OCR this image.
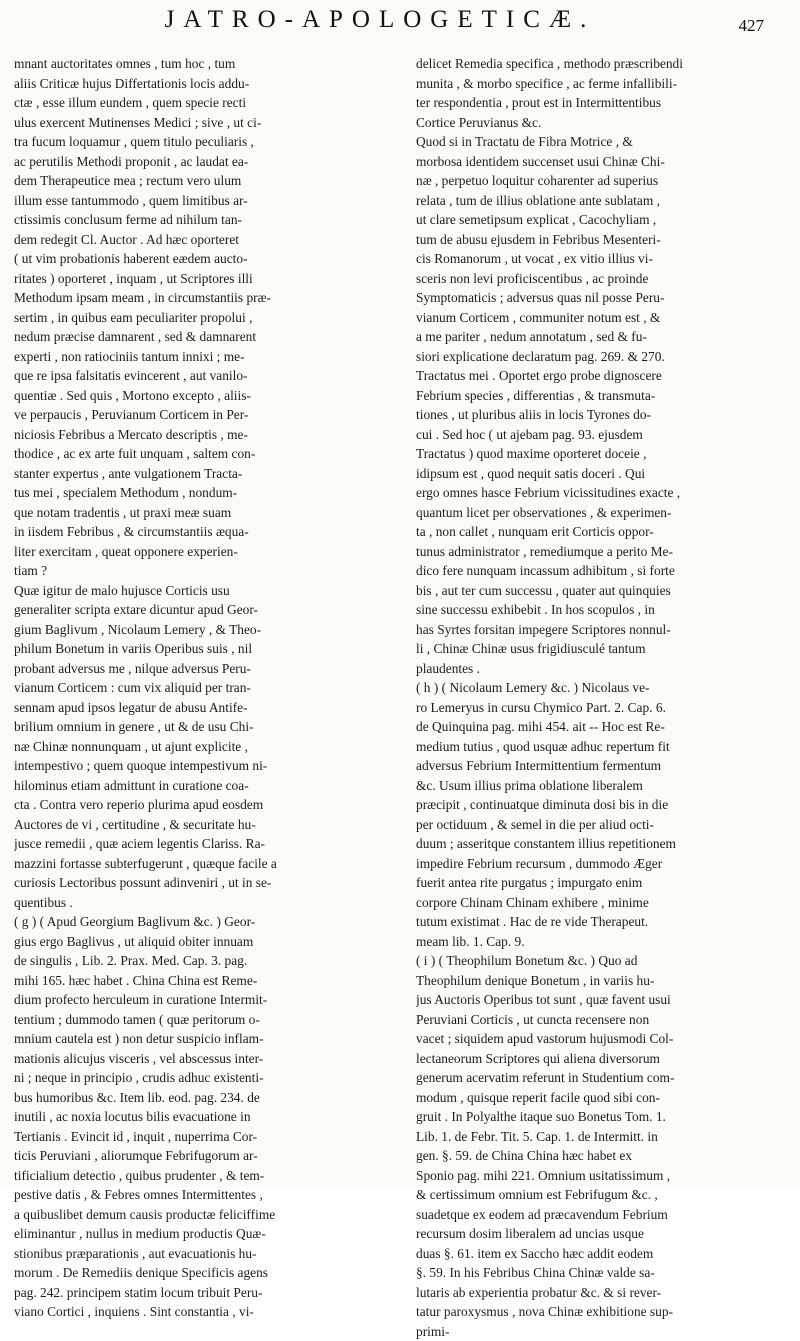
JATRO-APOLOGETICÆ.	427

mnant auctoritates omnes , tum hoc , tum

aliis Criticæ hujus Differtationis locis addu-

ctæ , esse illum eundem , quem specie recti

ulus exercent Mutinenses Medici ; sive , ut ci-

tra fucum loquamur , quem titulo peculiaris ,

ac perutilis Methodi proponit , ac laudat ea-

dem Therapeutice mea ; rectum vero ulum

illum esse tantummodo , quem limitibus ar-

ctissimis conclusum ferme ad nihilum tan-

dem redegit Cl. Auctor . Ad hæc oporteret

( ut vim probationis haberent eædem aucto-

ritates ) oporteret , inquam , ut Scriptores illi

Methodum ipsam meam , in circumstantiis præ-

sertim , in quibus eam peculiariter propolui ,

nedum præcise damnarent , sed & damnarent

experti , non ratiociniis tantum innixi ; me-

que re ipsa falsitatis evincerent , aut vanilo-

quentiæ . Sed quis , Mortono excepto , aliis-

ve perpaucis , Peruvianum Corticem in Per-

niciosis Febribus a Mercato descriptis , me-

thodice , ac ex arte fuit unquam , saltem con-

stanter expertus , ante vulgationem Tracta-

tus mei , specialem Methodum , nondum-

que notam tradentis , ut praxi meæ suam

in iisdem Febribus , & circumstantiis æqua-

liter exercitam , queat opponere experien-

tiam ?

Quæ igitur de malo hujusce Corticis usu

generaliter scripta extare dicuntur apud Geor-

gium Baglivum , Nicolaum Lemery , & Theo-

philum Bonetum in variis Operibus suis , nil

probant adversus me , nilque adversus Peru-

vianum Corticem : cum vix aliquid per tran-

sennam apud ipsos legatur de abusu Antife-

brilium omnium in genere , ut & de usu Chi-

næ Chinæ nonnunquam , ut ajunt explicite ,

intempestivo ; quem quoque intempestivum ni-

hilominus etiam admittunt in curatione coa-

cta . Contra vero reperio plurima apud eosdem

Auctores de vi , certitudine , & securitate hu-

jusce remedii , quæ aciem legentis Clariss. Ra-

mazzini fortasse subterfugerunt , quæque facile a

curiosis Lectoribus possunt adinveniri , ut in se-

quentibus .

( g ) ( Apud Georgium Baglivum &c. ) Geor-

gius ergo Baglivus , ut aliquid obiter innuam

de singulis , Lib. 2. Prax. Med. Cap. 3. pag.

mihi 165. hæc habet . China China est Reme-

dium profecto herculeum in curatione Intermit-

tentium ; dummodo tamen ( quæ peritorum o-

mnium cautela est ) non detur suspicio inflam-

mationis alicujus visceris , vel abscessus inter-

ni ; neque in principio , crudis adhuc existenti-

bus humoribus &c. Item lib. eod. pag. 234. de

inutili , ac noxia locutus bilis evacuatione in

Tertianis . Evincit id , inquit , nuperrima Cor-

ticis Peruviani , aliorumque Febrifugorum ar-

tificialium detectio , quibus prudenter , & tem-

pestive datis , & Febres omnes Intermittentes ,

a quibuslibet demum causis productæ feliciffime

eliminantur , nullus in medium productis Quæ-

stionibus præparationis , aut evacuationis hu-

morum . De Remediis denique Specificis agens

pag. 242. principem statim locum tribuit Peru-

viano Cortici , inquiens . Sint constantia , vi-

delicet Remedia specifica , methodo præscribendi

munita , & morbo specifice , ac ferme infallibili-

ter respondentia , prout est in Intermittentibus

Cortice Peruvianus &c.

Quod si in Tractatu de Fibra Motrice , &

morbosa identidem succenset usui Chinæ Chi-

næ , perpetuo loquitur coharenter ad superius

relata , tum de illius oblatione ante sublatam ,

ut clare semetipsum explicat , Cacochyliam ,

tum de abusu ejusdem in Febribus Mesenteri-

cis Romanorum , ut vocat , ex vitio illius vi-

sceris non levi proficiscentibus , ac proinde

Symptomaticis ; adversus quas nil posse Peru-

vianum Corticem , communiter notum est , &

a me pariter , nedum annotatum , sed & fu-

siori explicatione declaratum pag. 269. & 270.

Tractatus mei . Oportet ergo probe dignoscere

Febrium species , differentias , & transmuta-

tiones , ut pluribus aliis in locis Tyrones do-

cui . Sed hoc ( ut ajebam pag. 93. ejusdem

Tractatus ) quod maxime oporteret doceie ,

idipsum est , quod nequit satis doceri . Qui

ergo omnes hasce Febrium vicissitudines exacte ,

quantum licet per observationes , & experimen-

ta , non callet , nunquam erit Corticis oppor-

tunus administrator , remediumque a perito Me-

dico fere nunquam incassum adhibitum , si forte

bis , aut ter cum successu , quater aut quinquies

sine successu exhibebit . In hos scopulos , in

has Syrtes forsitan impegere Scriptores nonnul-

li , Chinæ Chinæ usus frigidiusculé tantum

plaudentes .

( h ) ( Nicolaum Lemery &c. ) Nicolaus ve-

ro Lemeryus in cursu Chymico Part. 2. Cap. 6.

de Quinquina pag. mihi 454. ait -- Hoc est Re-

medium tutius , quod usquæ adhuc repertum fit

adversus Febrium Intermittentium fermentum

&c. Usum illius prima oblatione liberalem

præcipit , continuatque diminuta dosi bis in die

per octiduum , & semel in die per aliud octi-

duum ; asseritque constantem illius repetitionem

impedire Febrium recursum , dummodo Æger

fuerit antea rite purgatus ; impurgato enim

corpore Chinam Chinam exhibere , minime

tutum existimat . Hac de re vide Therapeut.

meam lib. 1. Cap. 9.

( i ) ( Theophilum Bonetum &c. ) Quo ad

Theophilum denique Bonetum , in variis hu-

jus Auctoris Operibus tot sunt , quæ favent usui

Peruviani Corticis , ut cuncta recensere non

vacet ; siquidem apud vastorum hujusmodi Col-

lectaneorum Scriptores qui aliena diversorum

generum acervatim referunt in Studentium com-

modum , quisque reperit facile quod sibi con-

gruit . In Polyalthe itaque suo Bonetus Tom. 1.

Lib. 1. de Febr. Tit. 5. Cap. 1. de Intermitt. in

gen. §. 59. de China China hæc habet ex

Sponio pag. mihi 221. Omnium usitatissimum ,

& certissimum omnium est Febrifugum &c. ,

suadetque ex eodem ad præcavendum Febrium

recursum dosim liberalem ad uncias usque

duas §. 61. item ex Saccho hæc addit eodem

§. 59. In his Febribus China Chinæ valde sa-

lutaris ab experientia probatur &c. & si rever-

tatur paroxysmus , nova Chinæ exhibitione sup-

primi-
